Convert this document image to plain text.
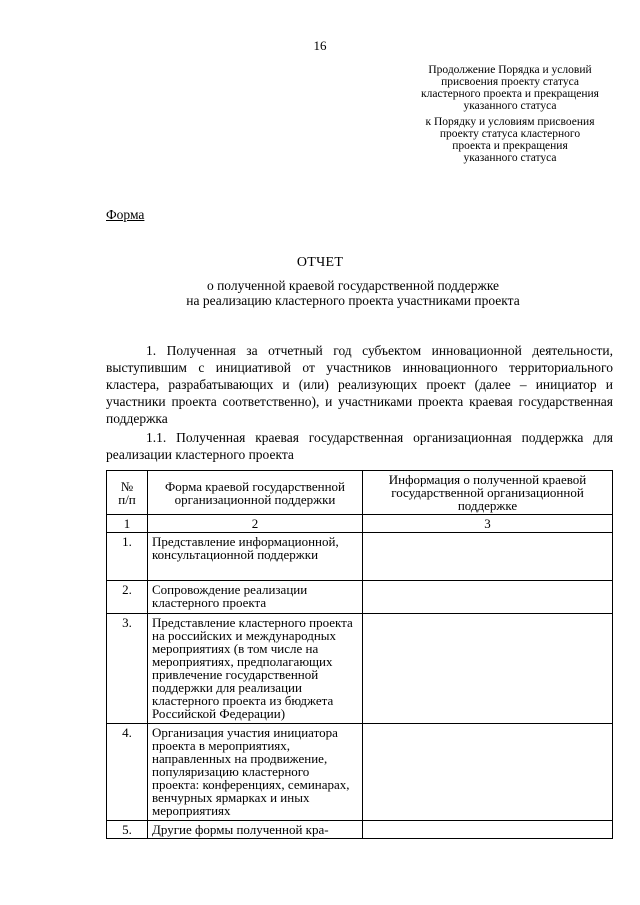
16
Продолжение Порядка и условий
присвоения проекту статуса
кластерного проекта и прекращения
указанного статуса
к Порядку и условиям присвоения
проекту статуса кластерного
проекта и прекращения
указанного статуса
Форма
ОТЧЕТ
о полученной краевой государственной поддержке
на реализацию кластерного проекта участниками проекта
1. Полученная за отчетный год субъектом инновационной деятельности, выступившим с инициативой от участников инновационного территориального кластера, разрабатывающих и (или) реализующих проект (далее – инициатор и участники проекта соответственно), и участниками проекта краевая государственная поддержка
1.1. Полученная краевая государственная организационная поддержка для реализации кластерного проекта
№
п/п	Форма краевой государственной организационной поддержки	Информация о полученной краевой государственной организационной поддержке
1	2	3
1.	Представление информационной, консультационной поддержки	
2.	Сопровождение реализации кластерного проекта	
3.	Представление кластерного проекта на российских и международных мероприятиях (в том числе на мероприятиях, предполагающих привлечение государственной поддержки для реализации кластерного проекта из бюджета Российской Федерации)	
4.	Организация участия инициатора проекта в мероприятиях, направленных на продвижение, популяризацию кластерного проекта: конференциях, семинарах, венчурных ярмарках и иных мероприятиях	
5.	Другие формы полученной кра-	
